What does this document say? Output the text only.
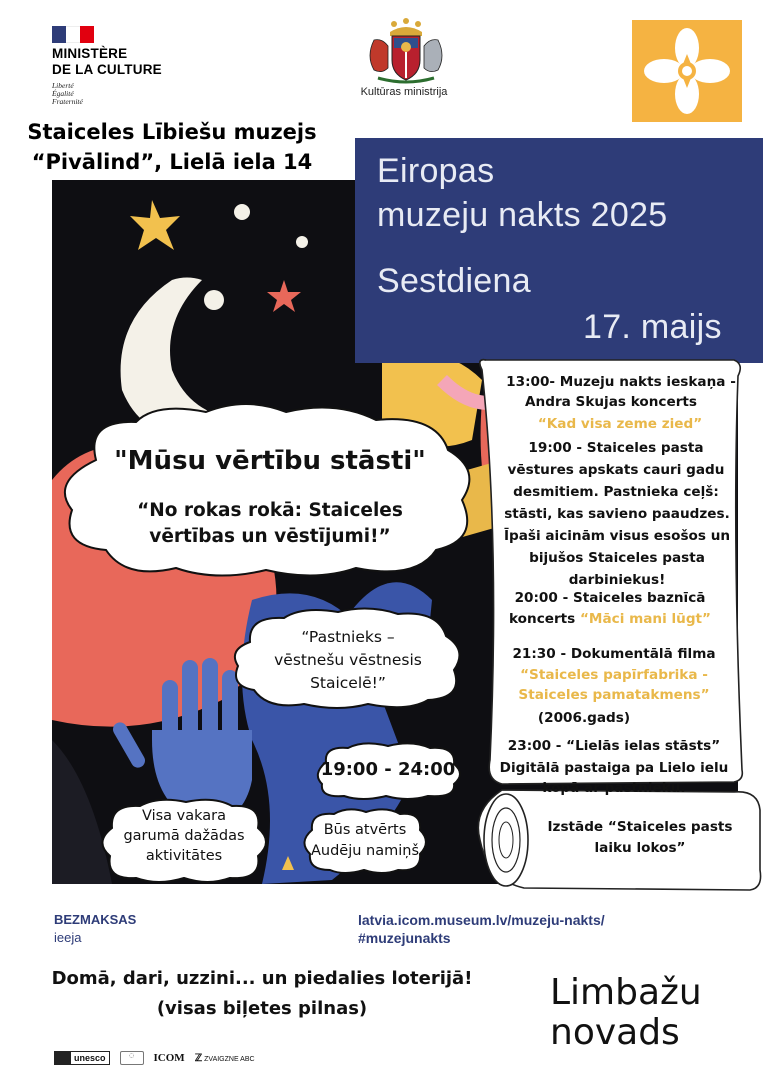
MINISTÈRE
DE LA CULTURE
Liberté
Égalité
Fraternité
Kultūras ministrija
Staiceles Lībiešu muzejs
“Pivālind”, Lielā iela 14	Eiropas
muzeju nakts 2025
Sestdiena
17. maijs
13:00- Muzeju nakts ieskaņa -
Andra Skujas koncerts
“Kad visa zeme zied”
19:00 - Staiceles pasta
vēstures apskats cauri gadu
desmitiem. Pastnieka ceļš:
stāsti, kas savieno paaudzes.
Īpaši aicinām visus esošos un
bijušos Staiceles pasta
darbiniekus!
20:00 - Staiceles baznīcā
koncerts “Māci mani lūgt”
21:30 - Dokumentālā filma
“Staiceles papīrfabrika -
Staiceles pamatakmens”
(2006.gads)
23:00 - “Lielās ielas stāsts”
Digitālā pastaiga pa Lielo ielu
kopā ar pastnieku.
Izstāde “Staiceles pasts
laiku lokos”
"Mūsu vērtību stāsti"
“No rokas rokā: Staiceles
vērtības un vēstījumi!”
“Pastnieks –
vēstnešu vēstnesis
Staicelē!”
19:00 - 24:00
Visa vakara
garumā dažādas
aktivitātes
Būs atvērts
Audēju namiņš
BEZMAKSAS
ieeja
latvia.icom.museum.lv/muzeju-nakts/
#muzejunakts
Domā, dari, uzzini... un piedalies loterijā!
(visas biļetes pilnas)	Limbažu
novads
unesco	◌	ICOM ℤ ZVAIGZNE ABC
